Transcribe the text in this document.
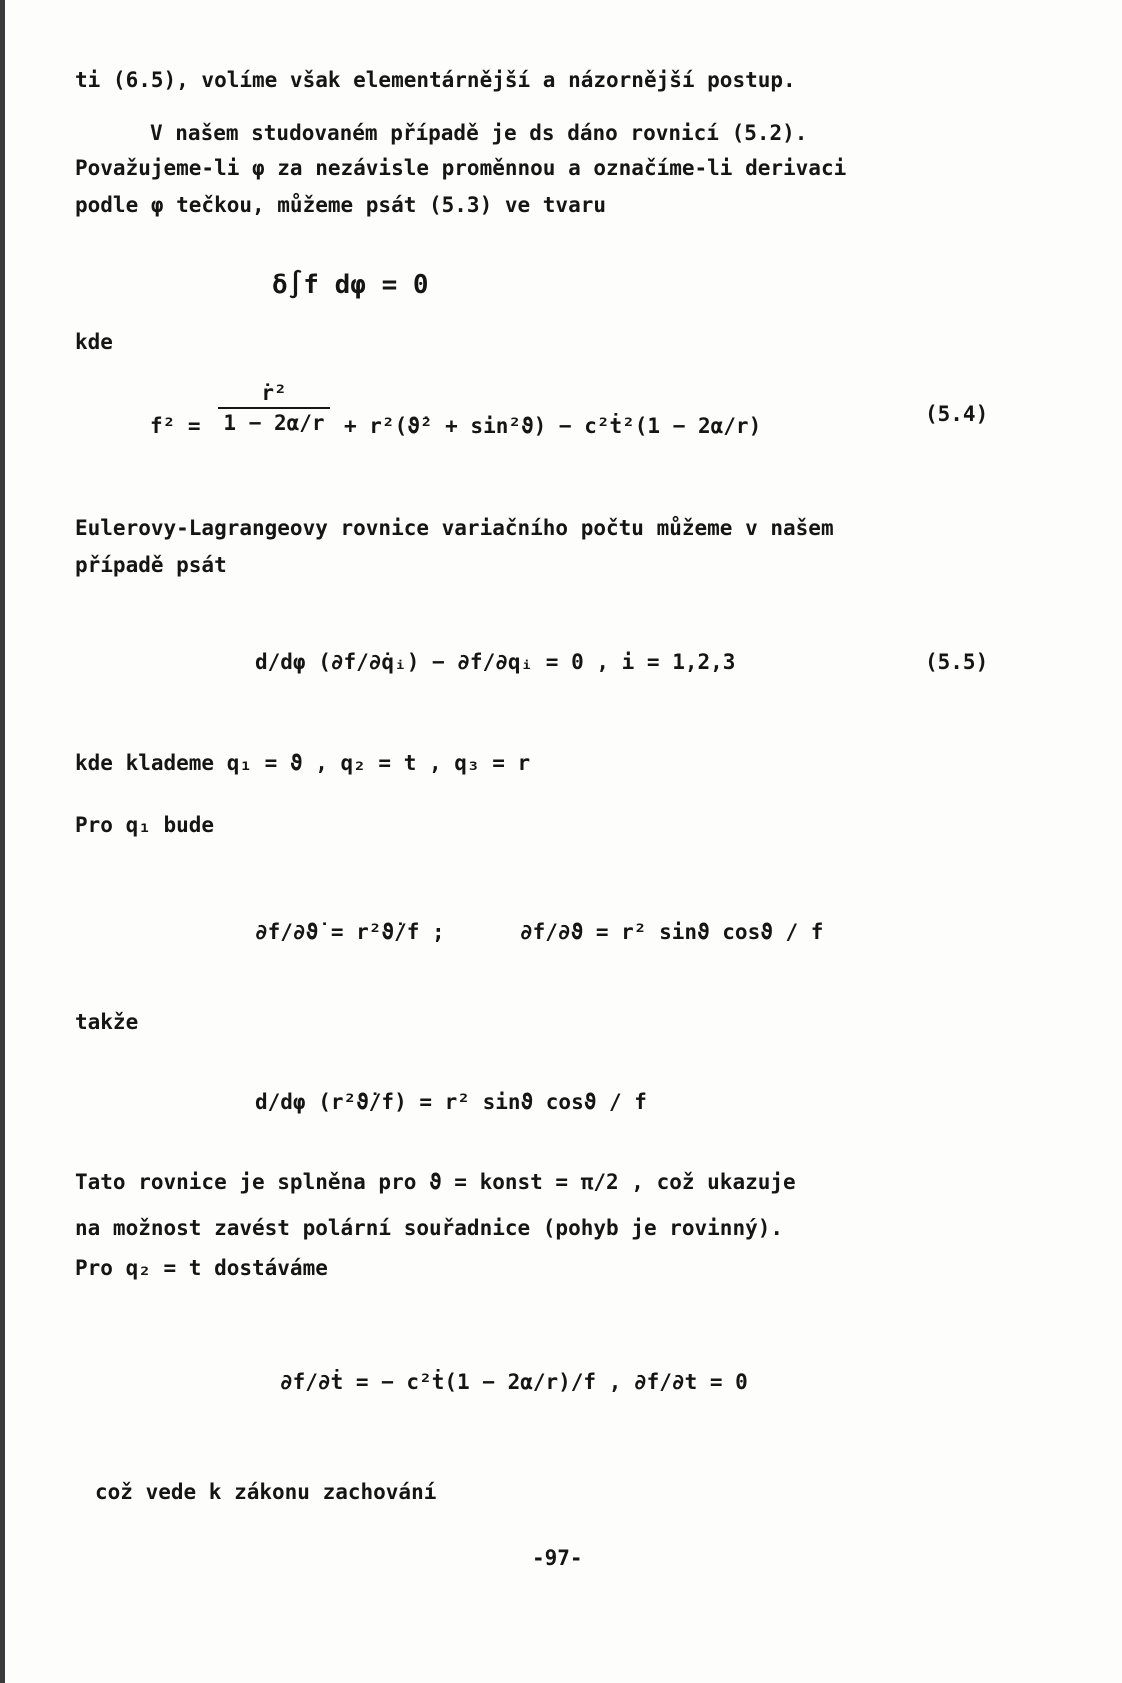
ti (6.5), volíme však elementárnější a názornější postup.
V našem studovaném případě je ds dáno rovnicí (5.2).
Považujeme-li φ za nezávisle proměnnou a označíme-li derivaci
podle φ tečkou, můžeme psát (5.3) ve tvaru
δ∫f dφ = 0
kde
f² =
ṙ²
1 − 2α/r + r²(ϑ̇² + sin²ϑ) − c²ṫ²(1 − 2α/r)	(5.4)
Eulerovy-Lagrangeovy rovnice variačního počtu můžeme v našem
případě psát
d/dφ (∂f/∂q̇ᵢ) − ∂f/∂qᵢ = 0 , i = 1,2,3	(5.5)
kde klademe q₁ = ϑ , q₂ = t , q₃ = r
Pro q₁ bude
∂f/∂ϑ̇ = r²ϑ̇/f ;	∂f/∂ϑ = r² sinϑ cosϑ / f
takže
d/dφ (r²ϑ̇/f) = r² sinϑ cosϑ / f
Tato rovnice je splněna pro ϑ = konst = π/2 , což ukazuje
na možnost zavést polární souřadnice (pohyb je rovinný).
Pro q₂ = t dostáváme
∂f/∂ṫ = − c²ṫ(1 − 2α/r)/f , ∂f/∂t = 0
což vede k zákonu zachování
-97-
